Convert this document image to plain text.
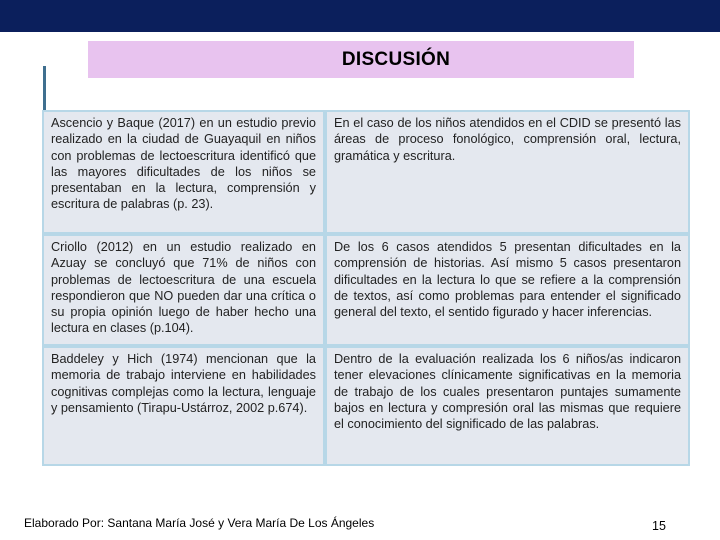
DISCUSIÓN
Ascencio y Baque (2017) en un estudio previo realizado en la ciudad de Guayaquil en niños con problemas de lectoescritura identificó que las mayores dificultades de los niños se presentaban en la lectura, comprensión y escritura de palabras (p. 23).
En el caso de los niños atendidos en el CDID se presentó las áreas de proceso fonológico, comprensión oral, lectura, gramática y escritura.
Criollo (2012) en un estudio realizado en Azuay se concluyó que 71% de niños con problemas de lectoescritura de una escuela respondieron que NO pueden dar una crítica o su propia opinión luego de haber hecho una lectura en clases (p.104).
De los 6 casos atendidos 5 presentan dificultades en la comprensión de historias. Así mismo 5 casos presentaron dificultades en la lectura lo que se refiere a la comprensión de textos, así como problemas para entender el significado general del texto, el sentido figurado y hacer inferencias.
Baddeley y Hich (1974) mencionan que la memoria de trabajo interviene en habilidades cognitivas complejas como la lectura, lenguaje y pensamiento (Tirapu-Ustárroz, 2002 p.674).
Dentro de la evaluación realizada los 6 niños/as indicaron tener elevaciones clínicamente significativas en la memoria de trabajo de los cuales presentaron puntajes sumamente bajos en lectura y compresión oral las mismas que requiere el conocimiento del significado de las palabras.
Elaborado Por: Santana María José y Vera María De Los Ángeles	15
